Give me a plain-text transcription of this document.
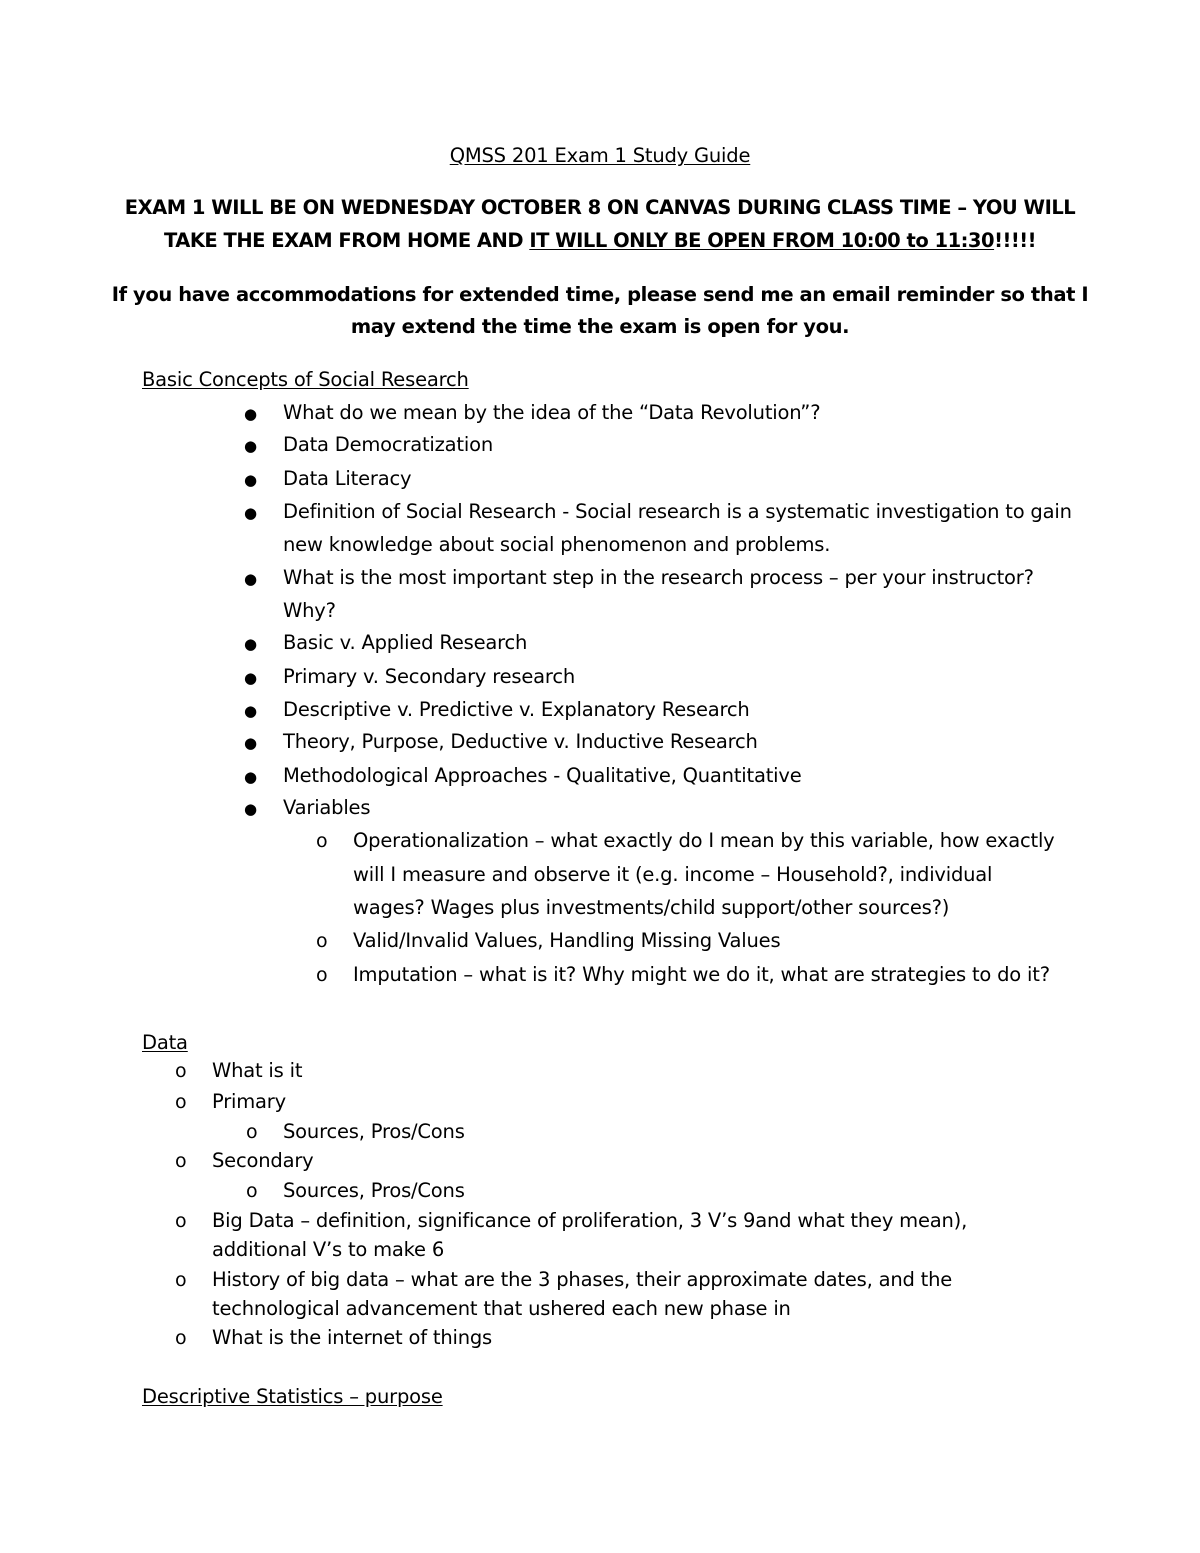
QMSS 201 Exam 1 Study Guide
EXAM 1 WILL BE ON WEDNESDAY OCTOBER 8 ON CANVAS DURING CLASS TIME – YOU WILL
TAKE THE EXAM FROM HOME AND IT WILL ONLY BE OPEN FROM 10:00 to 11:30!!!!!
If you have accommodations for extended time, please send me an email reminder so that I
may extend the time the exam is open for you.
Basic Concepts of Social Research
● What do we mean by the idea of the “Data Revolution”?
● Data Democratization
● Data Literacy
● Definition of Social Research - Social research is a systematic investigation to gain
new knowledge about social phenomenon and problems.
● What is the most important step in the research process – per your instructor?
Why?
● Basic v. Applied Research
● Primary v. Secondary research
● Descriptive v. Predictive v. Explanatory Research
● Theory, Purpose, Deductive v. Inductive Research
● Methodological Approaches - Qualitative, Quantitative
● Variables
o Operationalization – what exactly do I mean by this variable, how exactly
will I measure and observe it (e.g. income – Household?, individual
wages? Wages plus investments/child support/other sources?)
o Valid/Invalid Values, Handling Missing Values
o Imputation – what is it? Why might we do it, what are strategies to do it?
Data
o What is it
o Primary
o Sources, Pros/Cons
o Secondary
o Sources, Pros/Cons
o Big Data – definition, significance of proliferation, 3 V’s 9and what they mean),
additional V’s to make 6
o History of big data – what are the 3 phases, their approximate dates, and the
technological advancement that ushered each new phase in
o What is the internet of things
Descriptive Statistics – purpose
